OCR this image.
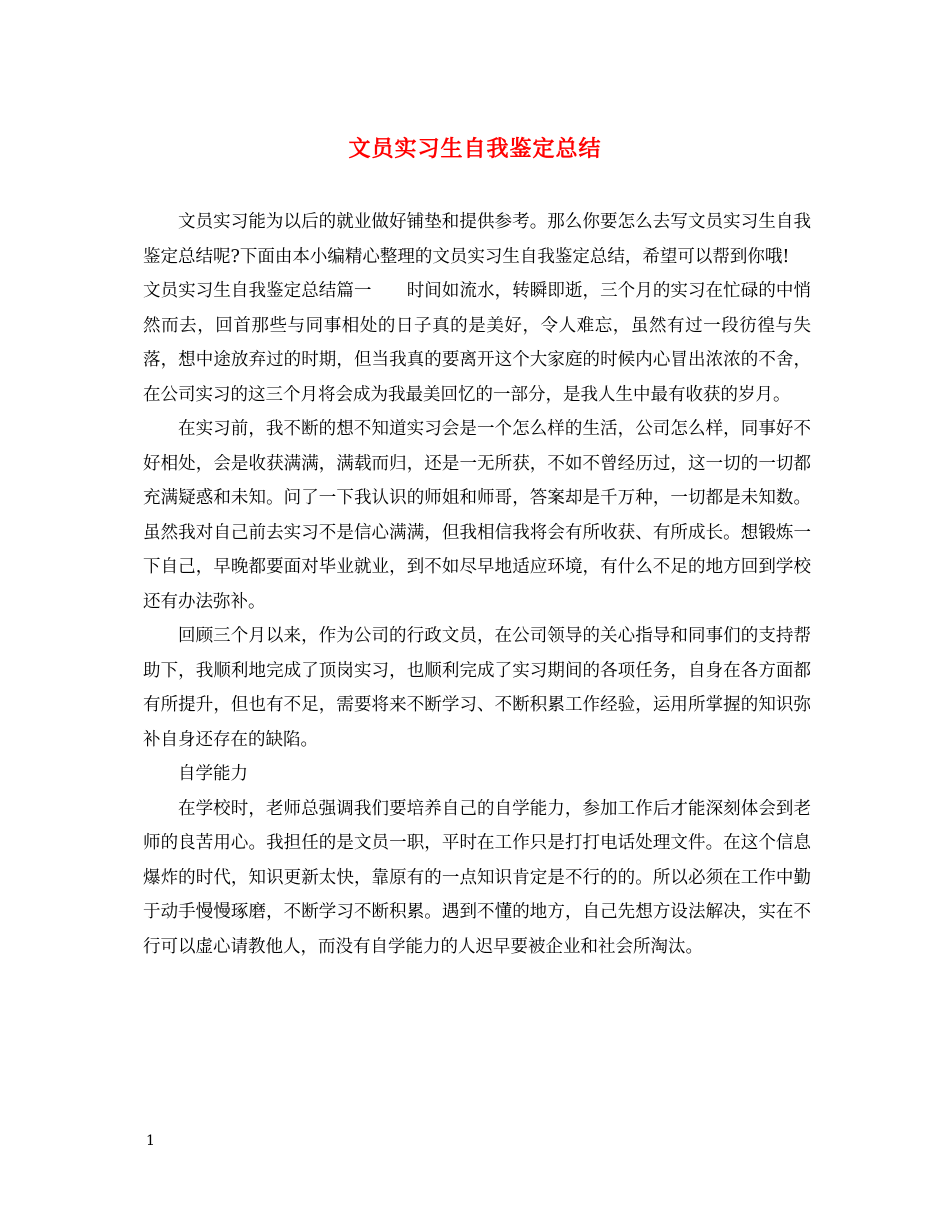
文员实习生自我鉴定总结

文员实习能为以后的就业做好铺垫和提供参考。那么你要怎么去写文员实习生自我鉴定总结呢?下面由本小编精心整理的文员实习生自我鉴定总结，希望可以帮到你哦!

文员实习生自我鉴定总结篇一　　时间如流水，转瞬即逝，三个月的实习在忙碌的中悄然而去，回首那些与同事相处的日子真的是美好，令人难忘，虽然有过一段彷徨与失落，想中途放弃过的时期，但当我真的要离开这个大家庭的时候内心冒出浓浓的不舍，在公司实习的这三个月将会成为我最美回忆的一部分，是我人生中最有收获的岁月。

在实习前，我不断的想不知道实习会是一个怎么样的生活，公司怎么样，同事好不好相处，会是收获满满，满载而归，还是一无所获，不如不曾经历过，这一切的一切都充满疑惑和未知。问了一下我认识的师姐和师哥，答案却是千万种，一切都是未知数。虽然我对自己前去实习不是信心满满，但我相信我将会有所收获、有所成长。想锻炼一下自己，早晚都要面对毕业就业，到不如尽早地适应环境，有什么不足的地方回到学校还有办法弥补。

回顾三个月以来，作为公司的行政文员，在公司领导的关心指导和同事们的支持帮助下，我顺利地完成了顶岗实习，也顺利完成了实习期间的各项任务，自身在各方面都有所提升，但也有不足，需要将来不断学习、不断积累工作经验，运用所掌握的知识弥补自身还存在的缺陷。

自学能力

在学校时，老师总强调我们要培养自己的自学能力，参加工作后才能深刻体会到老师的良苦用心。我担任的是文员一职，平时在工作只是打打电话处理文件。在这个信息爆炸的时代，知识更新太快，靠原有的一点知识肯定是不行的的。所以必须在工作中勤于动手慢慢琢磨，不断学习不断积累。遇到不懂的地方，自己先想方设法解决，实在不行可以虚心请教他人，而没有自学能力的人迟早要被企业和社会所淘汰。

1
